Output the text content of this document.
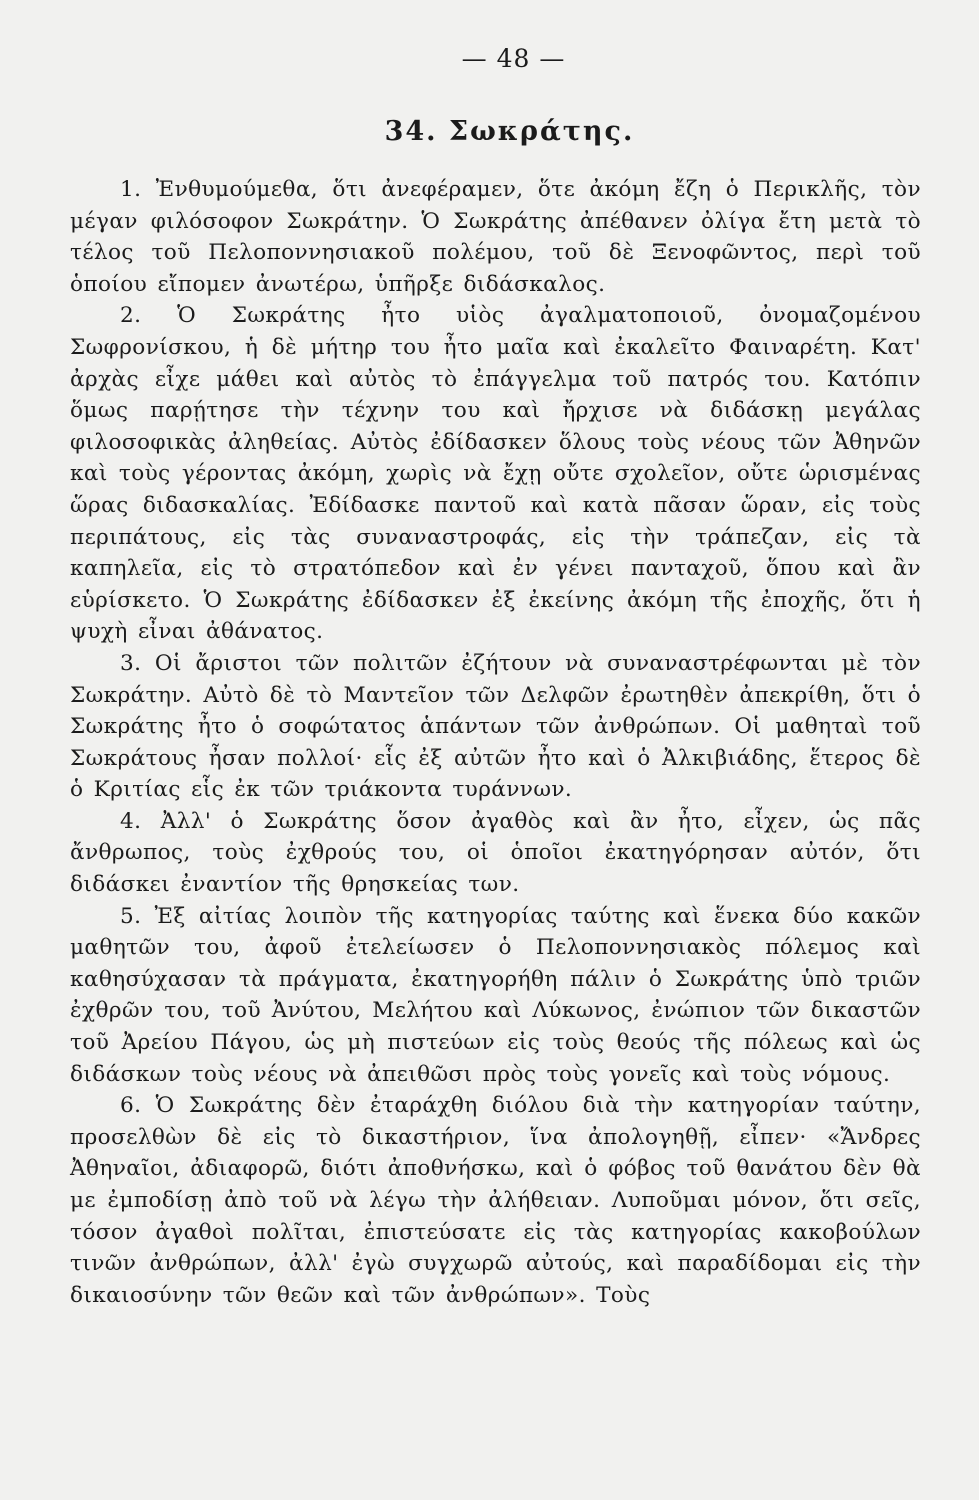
— 48 —
34. Σωκράτης.

1. Ἐνθυμούμεθα, ὅτι ἀνεφέραμεν, ὅτε ἀκόμη ἔζη ὁ Περικλῆς, τὸν μέγαν φιλόσοφον Σωκράτην. Ὁ Σωκράτης ἀπέθανεν ὀλίγα ἔτη μετὰ τὸ τέλος τοῦ Πελοποννησιακοῦ πολέμου, τοῦ δὲ Ξενοφῶντος, περὶ τοῦ ὁποίου εἴπομεν ἀνωτέρω, ὑπῆρξε διδάσκαλος.

2. Ὁ Σωκράτης ἦτο υἱὸς ἀγαλματοποιοῦ, ὀνομαζομένου Σωφρονίσκου, ἡ δὲ μήτηρ του ἦτο μαῖα καὶ ἐκαλεῖτο Φαιναρέτη. Κατ' ἀρχὰς εἶχε μάθει καὶ αὐτὸς τὸ ἐπάγγελμα τοῦ πατρός του. Κατόπιν ὅμως παρῄτησε τὴν τέχνην του καὶ ἤρχισε νὰ διδάσκῃ μεγάλας φιλοσοφικὰς ἀληθείας. Αὐτὸς ἐδίδασκεν ὅλους τοὺς νέους τῶν Ἀθηνῶν καὶ τοὺς γέροντας ἀκόμη, χωρὶς νὰ ἔχῃ οὔτε σχολεῖον, οὔτε ὡρισμένας ὥρας διδασκαλίας. Ἐδίδασκε παντοῦ καὶ κατὰ πᾶσαν ὥραν, εἰς τοὺς περιπάτους, εἰς τὰς συναναστροφάς, εἰς τὴν τράπεζαν, εἰς τὰ καπηλεῖα, εἰς τὸ στρατόπεδον καὶ ἐν γένει πανταχοῦ, ὅπου καὶ ἂν εὑρίσκετο. Ὁ Σωκράτης ἐδίδασκεν ἐξ ἐκείνης ἀκόμη τῆς ἐποχῆς, ὅτι ἡ ψυχὴ εἶναι ἀθάνατος.

3. Οἱ ἄριστοι τῶν πολιτῶν ἐζήτουν νὰ συναναστρέφωνται μὲ τὸν Σωκράτην. Αὐτὸ δὲ τὸ Μαντεῖον τῶν Δελφῶν ἐρωτηθὲν ἀπεκρίθη, ὅτι ὁ Σωκράτης ἦτο ὁ σοφώτατος ἁπάντων τῶν ἀνθρώπων. Οἱ μαθηταὶ τοῦ Σωκράτους ἦσαν πολλοί· εἷς ἐξ αὐτῶν ἦτο καὶ ὁ Ἀλκιβιάδης, ἕτερος δὲ ὁ Κριτίας εἷς ἐκ τῶν τριάκοντα τυράννων.

4. Ἀλλ' ὁ Σωκράτης ὅσον ἀγαθὸς καὶ ἂν ἦτο, εἶχεν, ὡς πᾶς ἄνθρωπος, τοὺς ἐχθρούς του, οἱ ὁποῖοι ἐκατηγόρησαν αὐτόν, ὅτι διδάσκει ἐναντίον τῆς θρησκείας των.

5. Ἐξ αἰτίας λοιπὸν τῆς κατηγορίας ταύτης καὶ ἕνεκα δύο κακῶν μαθητῶν του, ἀφοῦ ἐτελείωσεν ὁ Πελοποννησιακὸς πόλεμος καὶ καθησύχασαν τὰ πράγματα, ἐκατηγορήθη πάλιν ὁ Σωκράτης ὑπὸ τριῶν ἐχθρῶν του, τοῦ Ἀνύτου, Μελήτου καὶ Λύκωνος, ἐνώπιον τῶν δικαστῶν τοῦ Ἀρείου Πάγου, ὡς μὴ πιστεύων εἰς τοὺς θεούς τῆς πόλεως καὶ ὡς διδάσκων τοὺς νέους νὰ ἀπειθῶσι πρὸς τοὺς γονεῖς καὶ τοὺς νόμους.

6. Ὁ Σωκράτης δὲν ἐταράχθη διόλου διὰ τὴν κατηγορίαν ταύτην, προσελθὼν δὲ εἰς τὸ δικαστήριον, ἵνα ἀπολογηθῇ, εἶπεν· «Ἄνδρες Ἀθηναῖοι, ἀδιαφορῶ, διότι ἀποθνήσκω, καὶ ὁ φόβος τοῦ θανάτου δὲν θὰ με ἐμποδίσῃ ἀπὸ τοῦ νὰ λέγω τὴν ἀλήθειαν. Λυποῦμαι μόνον, ὅτι σεῖς, τόσον ἀγαθοὶ πολῖται, ἐπιστεύσατε εἰς τὰς κατηγορίας κακοβούλων τινῶν ἀνθρώπων, ἀλλ' ἐγὼ συγχωρῶ αὐτούς, καὶ παραδίδομαι εἰς τὴν δικαιοσύνην τῶν θεῶν καὶ τῶν ἀνθρώπων». Τοὺς
